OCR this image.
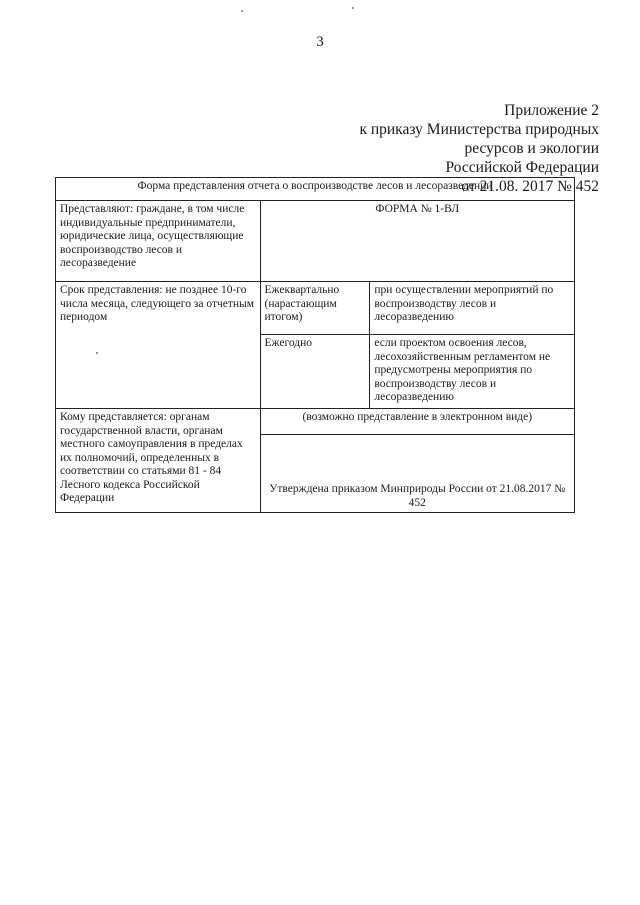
3
Приложение 2
к приказу Министерства природных
ресурсов и экологии
Российской Федерации
от 21.08. 2017 № 452
Форма представления отчета о воспроизводстве лесов и лесоразведении		
Представляют: граждане, в том числе индивидуальные предприниматели, юридические лица, осуществляющие воспроизводство лесов и лесоразведение	ФОРМА № 1-ВЛ	
Срок представления: не позднее 10-го числа месяца, следующего за отчетным периодом	Ежеквартально (нарастающим итогом)	при осуществлении мероприятий по воспроизводству лесов и лесоразведению
	Ежегодно	если проектом освоения лесов, лесохозяйственным регламентом не предусмотрены мероприятия по воспроизводству лесов и лесоразведению
Кому представляется: органам государственной власти, органам местного самоуправления в пределах их полномочий, определенных в соответствии со статьями 81 - 84 Лесного кодекса Российской Федерации	(возможно представление в электронном виде)	
	Утверждена приказом Минприроды России от 21.08.2017 № 452	
